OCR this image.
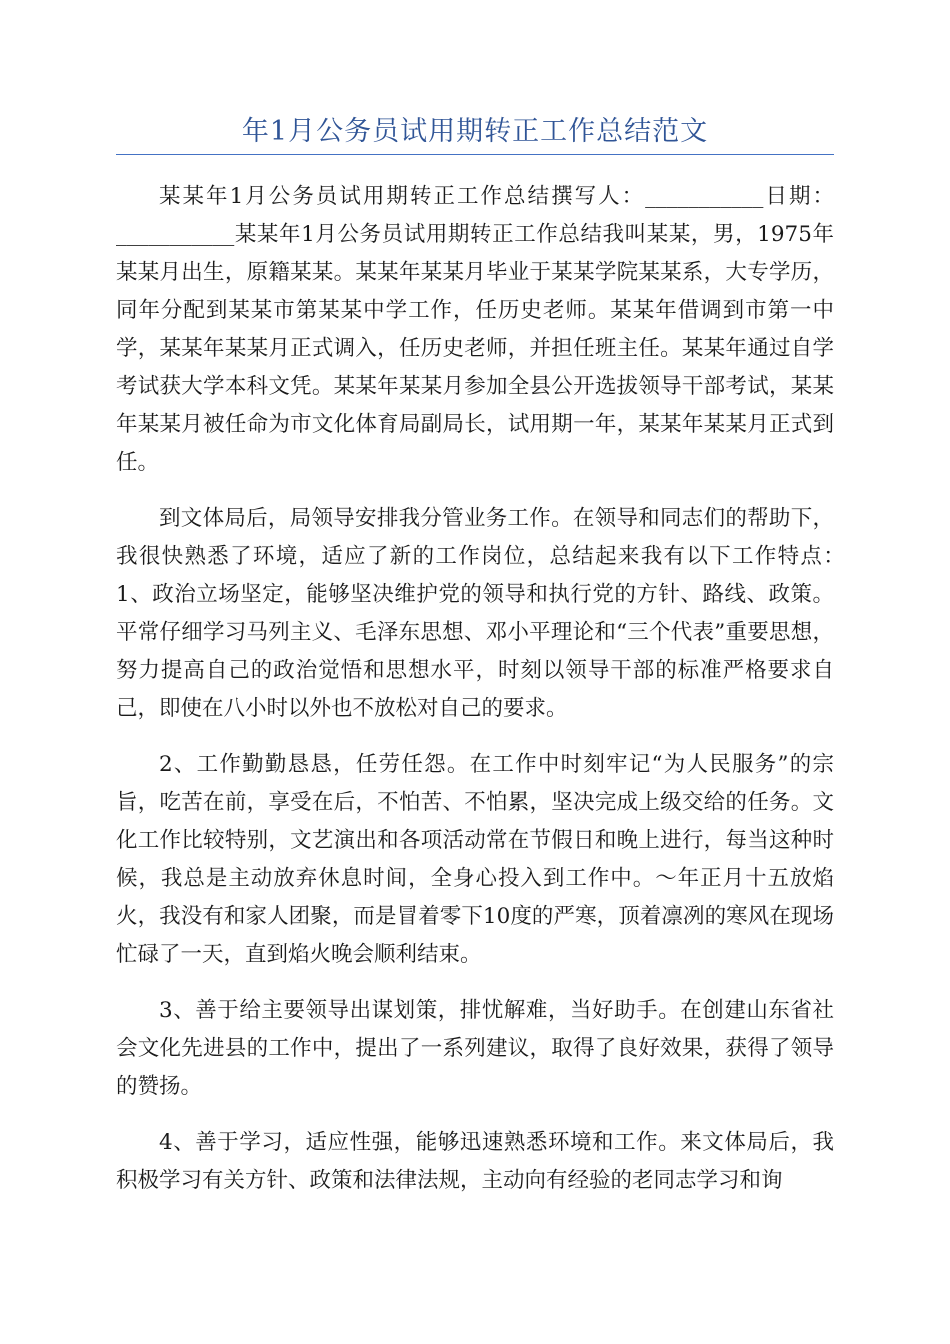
年1月公务员试用期转正工作总结范文

某某年1月公务员试用期转正工作总结撰写人：___________日期：___________某某年1月公务员试用期转正工作总结我叫某某，男，1975年某某月出生，原籍某某。某某年某某月毕业于某某学院某某系，大专学历，同年分配到某某市第某某中学工作，任历史老师。某某年借调到市第一中学，某某年某某月正式调入，任历史老师，并担任班主任。某某年通过自学考试获大学本科文凭。某某年某某月参加全县公开选拔领导干部考试，某某年某某月被任命为市文化体育局副局长，试用期一年，某某年某某月正式到任。

到文体局后，局领导安排我分管业务工作。在领导和同志们的帮助下，我很快熟悉了环境，适应了新的工作岗位，总结起来我有以下工作特点：　1、政治立场坚定，能够坚决维护党的领导和执行党的方针、路线、政策。平常仔细学习马列主义、毛泽东思想、邓小平理论和“三个代表”重要思想，努力提高自己的政治觉悟和思想水平，时刻以领导干部的标准严格要求自己，即使在八小时以外也不放松对自己的要求。

2、工作勤勤恳恳，任劳任怨。在工作中时刻牢记“为人民服务”的宗旨，吃苦在前，享受在后，不怕苦、不怕累，坚决完成上级交给的任务。文化工作比较特别，文艺演出和各项活动常在节假日和晚上进行，每当这种时候，我总是主动放弃休息时间，全身心投入到工作中。～年正月十五放焰火，我没有和家人团聚，而是冒着零下10度的严寒，顶着凛冽的寒风在现场忙碌了一天，直到焰火晚会顺利结束。

3、善于给主要领导出谋划策，排忧解难，当好助手。在创建山东省社会文化先进县的工作中，提出了一系列建议，取得了良好效果，获得了领导的赞扬。

4、善于学习，适应性强，能够迅速熟悉环境和工作。来文体局后，我积极学习有关方针、政策和法律法规，主动向有经验的老同志学习和询
